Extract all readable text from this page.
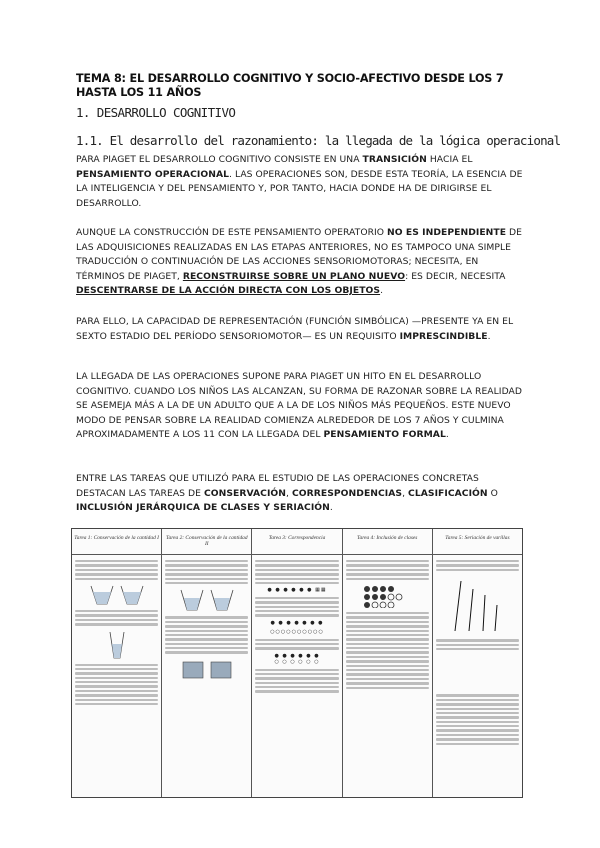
TEMA 8: EL DESARROLLO COGNITIVO Y SOCIO-AFECTIVO DESDE LOS 7 HASTA LOS 11 AÑOS
1. DESARROLLO COGNITIVO
1.1. El desarrollo del razonamiento: la llegada de la lógica operacional

PARA PIAGET EL DESARROLLO COGNITIVO CONSISTE EN UNA TRANSICIÓN HACIA EL PENSAMIENTO OPERACIONAL. LAS OPERACIONES SON, DESDE ESTA TEORÍA, LA ESENCIA DE LA INTELIGENCIA Y DEL PENSAMIENTO Y, POR TANTO, HACIA DONDE HA DE DIRIGIRSE EL DESARROLLO.

AUNQUE LA CONSTRUCCIÓN DE ESTE PENSAMIENTO OPERATORIO NO ES INDEPENDIENTE DE LAS ADQUISICIONES REALIZADAS EN LAS ETAPAS ANTERIORES, NO ES TAMPOCO UNA SIMPLE TRADUCCIÓN O CONTINUACIÓN DE LAS ACCIONES SENSORIOMOTORAS; NECESITA, EN TÉRMINOS DE PIAGET, RECONSTRUIRSE SOBRE UN PLANO NUEVO: ES DECIR, NECESITA DESCENTRARSE DE LA ACCIÓN DIRECTA CON LOS OBJETOS.

PARA ELLO, LA CAPACIDAD DE REPRESENTACIÓN (FUNCIÓN SIMBÓLICA) —PRESENTE YA EN EL SEXTO ESTADIO DEL PERÍODO SENSORIOMOTOR— ES UN REQUISITO IMPRESCINDIBLE.

LA LLEGADA DE LAS OPERACIONES SUPONE PARA PIAGET UN HITO EN EL DESARROLLO COGNITIVO. CUANDO LOS NIÑOS LAS ALCANZAN, SU FORMA DE RAZONAR SOBRE LA REALIDAD SE ASEMEJA MÁS A LA DE UN ADULTO QUE A LA DE LOS NIÑOS MÁS PEQUEÑOS. ESTE NUEVO MODO DE PENSAR SOBRE LA REALIDAD COMIENZA ALREDEDOR DE LOS 7 AÑOS Y CULMINA APROXIMADAMENTE A LOS 11 CON LA LLEGADA DEL PENSAMIENTO FORMAL.

ENTRE LAS TAREAS QUE UTILIZÓ PARA EL ESTUDIO DE LAS OPERACIONES CONCRETAS DESTACAN LAS TAREAS DE CONSERVACIÓN, CORRESPONDENCIAS, CLASIFICACIÓN O INCLUSIÓN JERÁRQUICA DE CLASES Y SERIACIÓN.

Tarea 1: Conservación de la cantidad I	Tarea 2: Conservación de la cantidad II
Tarea 3: Correspondencia
● ● ● ● ● ● ▦▦
● ● ● ● ● ● ●
○○○○○○○○○○
● ● ● ● ● ●
○ ○ ○ ○ ○ ○
Tarea 4: Inclusión de clases	Tarea 5: Seriación de varillas
